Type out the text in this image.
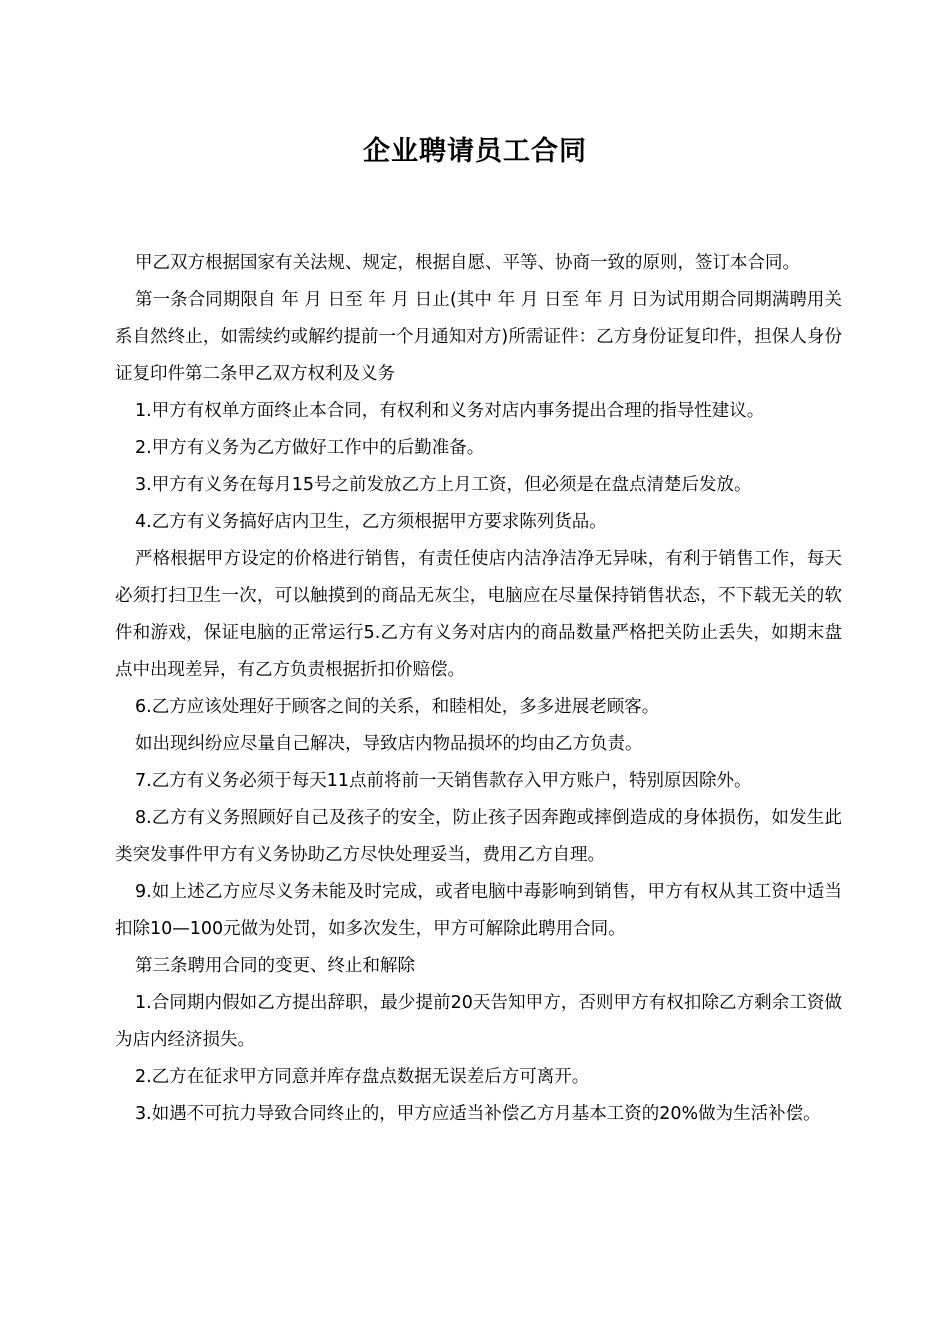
企业聘请员工合同

甲乙双方根据国家有关法规、规定，根据自愿、平等、协商一致的原则，签订本合同。

第一条合同期限自 年 月 日至 年 月 日止(其中 年 月 日至 年 月 日为试用期合同期满聘用关系自然终止，如需续约或解约提前一个月通知对方)所需证件：乙方身份证复印件，担保人身份证复印件第二条甲乙双方权利及义务

1.甲方有权单方面终止本合同，有权利和义务对店内事务提出合理的指导性建议。

2.甲方有义务为乙方做好工作中的后勤准备。

3.甲方有义务在每月15号之前发放乙方上月工资，但必须是在盘点清楚后发放。

4.乙方有义务搞好店内卫生，乙方须根据甲方要求陈列货品。

严格根据甲方设定的价格进行销售，有责任使店内洁净洁净无异味，有利于销售工作，每天必须打扫卫生一次，可以触摸到的商品无灰尘，电脑应在尽量保持销售状态，不下载无关的软件和游戏，保证电脑的正常运行5.乙方有义务对店内的商品数量严格把关防止丢失，如期末盘点中出现差异，有乙方负责根据折扣价赔偿。

6.乙方应该处理好于顾客之间的关系，和睦相处，多多进展老顾客。

如出现纠纷应尽量自己解决，导致店内物品损坏的均由乙方负责。

7.乙方有义务必须于每天11点前将前一天销售款存入甲方账户，特别原因除外。

8.乙方有义务照顾好自己及孩子的安全，防止孩子因奔跑或摔倒造成的身体损伤，如发生此类突发事件甲方有义务协助乙方尽快处理妥当，费用乙方自理。

9.如上述乙方应尽义务未能及时完成，或者电脑中毒影响到销售，甲方有权从其工资中适当扣除10—100元做为处罚，如多次发生，甲方可解除此聘用合同。

第三条聘用合同的变更、终止和解除

1.合同期内假如乙方提出辞职，最少提前20天告知甲方，否则甲方有权扣除乙方剩余工资做为店内经济损失。

2.乙方在征求甲方同意并库存盘点数据无误差后方可离开。

3.如遇不可抗力导致合同终止的，甲方应适当补偿乙方月基本工资的20%做为生活补偿。
